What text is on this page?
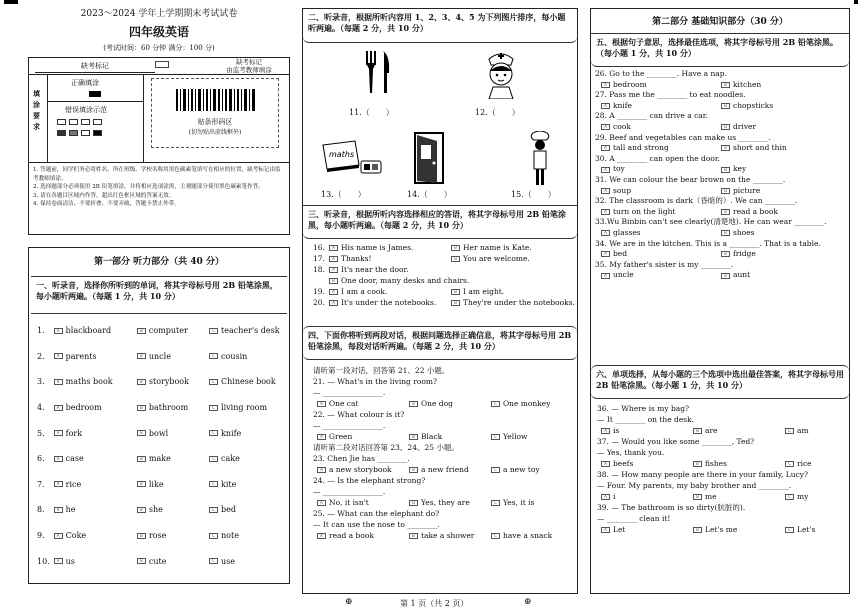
2023～2024 学年上学期期末考试试卷
四年级英语
(考试时间：60 分钟 满分：100 分)
缺考标记	缺考标记
由监考教师填涂
填涂要求
正确填涂
错误填涂示范
贴条形码区
(切勿贴出虚线框外)
1. 答题前，同学们务必将姓名、所在班级、学校名称用黑色碳素笔填写在相应的位置，缺考标记由监考教师填涂。
2. 选择题部分必须使用 2B 铅笔填涂，并将相应选项涂黑，主观题部分使用黑色碳素笔作答。
3. 请在各题目区域内作答，超出红色框区域的答案无效。
4. 保持卷面清洁，不要折叠、不要弄破，答题卡禁止外带。
第一部分 听力部分（共 40 分）
一、听录音，选择你所听到的单词，将其字母标号用 2B 铅笔涂黑，每小题听两遍。（每题 1 分，共 10 分）
1.	A blackboard	B computer	C teacher's desk
2.	A parents	B uncle	C cousin
3.	A maths book	B storybook	C Chinese book
4.	A bedroom	B bathroom	C living room
5.	A fork	B bowl	C knife
6.	A case	B make	C cake
7.	A rice	B like	C kite
8.	A he	B she	C bed
9.	A Coke	B rose	C note
10.	A us	B cute	C use
二、听录音，根据所听内容用 1、2、3、4、5 为下列图片排序，每小题听两遍。（每题 2 分，共 10 分）
11.（　　）	12.（　　）
maths
13.（　　）	14.（　　）	15.（　　）
三、听录音，根据所听内容选择相应的答语，将其字母标号用 2B 铅笔涂黑，每小题听两遍。（每题 2 分，共 10 分）
16.	A His name is James.	B Her name is Kate.
17.	A Thanks!	B You are welcome.
18.	A It's near the door.
B One door, many desks and chairs.
19.	A I am a cook.	B I am eight.
20.	A It's under the notebooks.	B They're under the notebooks.
四、下面你将听到两段对话，根据问题选择正确信息，将其字母标号用 2B 铅笔涂黑，每段对话听两遍。（每题 2 分，共 10 分）
请听第一段对话，回答第 21、22 小题。
21. — What's in the living room?
— ________________.
A One cat	B One dog	C One monkey
22. — What colour is it?
— ________________.
A Green	B Black	C Yellow
请听第二段对话回答第 23、24、25 小题。
23. Chen Jie has ________.
A a new storybook	B a new friend	C a new toy
24. — Is the elephant strong?
— ________________.
A No, it isn't	B Yes, they are	C Yes, it is
25. — What can the elephant do?
— It can use the nose to ________.
A read a book	B take a shower	C have a snack
第二部分 基础知识部分（30 分）
五、根据句子意思，选择最佳选项，将其字母标号用 2B 铅笔涂黑。（每小题 1 分，共 10 分）
26. Go to the ________. Have a nap.
A bedroom	B kitchen
27. Pass me the ________ to eat noodles.
A knife	B chopsticks
28. A ________ can drive a car.
A cook	B driver
29. Beef and vegetables can make us ________.
A tall and strong	B short and thin
30. A ________ can open the door.
A toy	B key
31. We can colour the bear brown on the ________.
A soup	B picture
32. The classroom is dark（昏暗的）. We can ________.
A turn on the light	B read a book
33.Wu Binbin can't see clearly(清楚地). He can wear ________.
A glasses	B shoes
34. We are in the kitchen. This is a ________. That is a table.
A bed	B fridge
35. My father's sister is my ________.
A uncle	B aunt
六、单项选择，从每小题的三个选项中选出最佳答案，将其字母标号用 2B 铅笔涂黑。（每小题 1 分，共 10 分）
36. — Where is my bag?
— It ________ on the desk.
A is	B are	C am
37. — Would you like some ________, Ted?
— Yes, thank you.
A beefs	B fishes	C rice
38. — How many people are there in your family, Lucy?
— Four. My parents, my baby brother and ________.
A i	B me	C my
39. — The bathroom is so dirty(肮脏的).
— ________ clean it!
A Let	B Let's me	C Let's
⊕	第 1 页（共 2 页）	⊕
